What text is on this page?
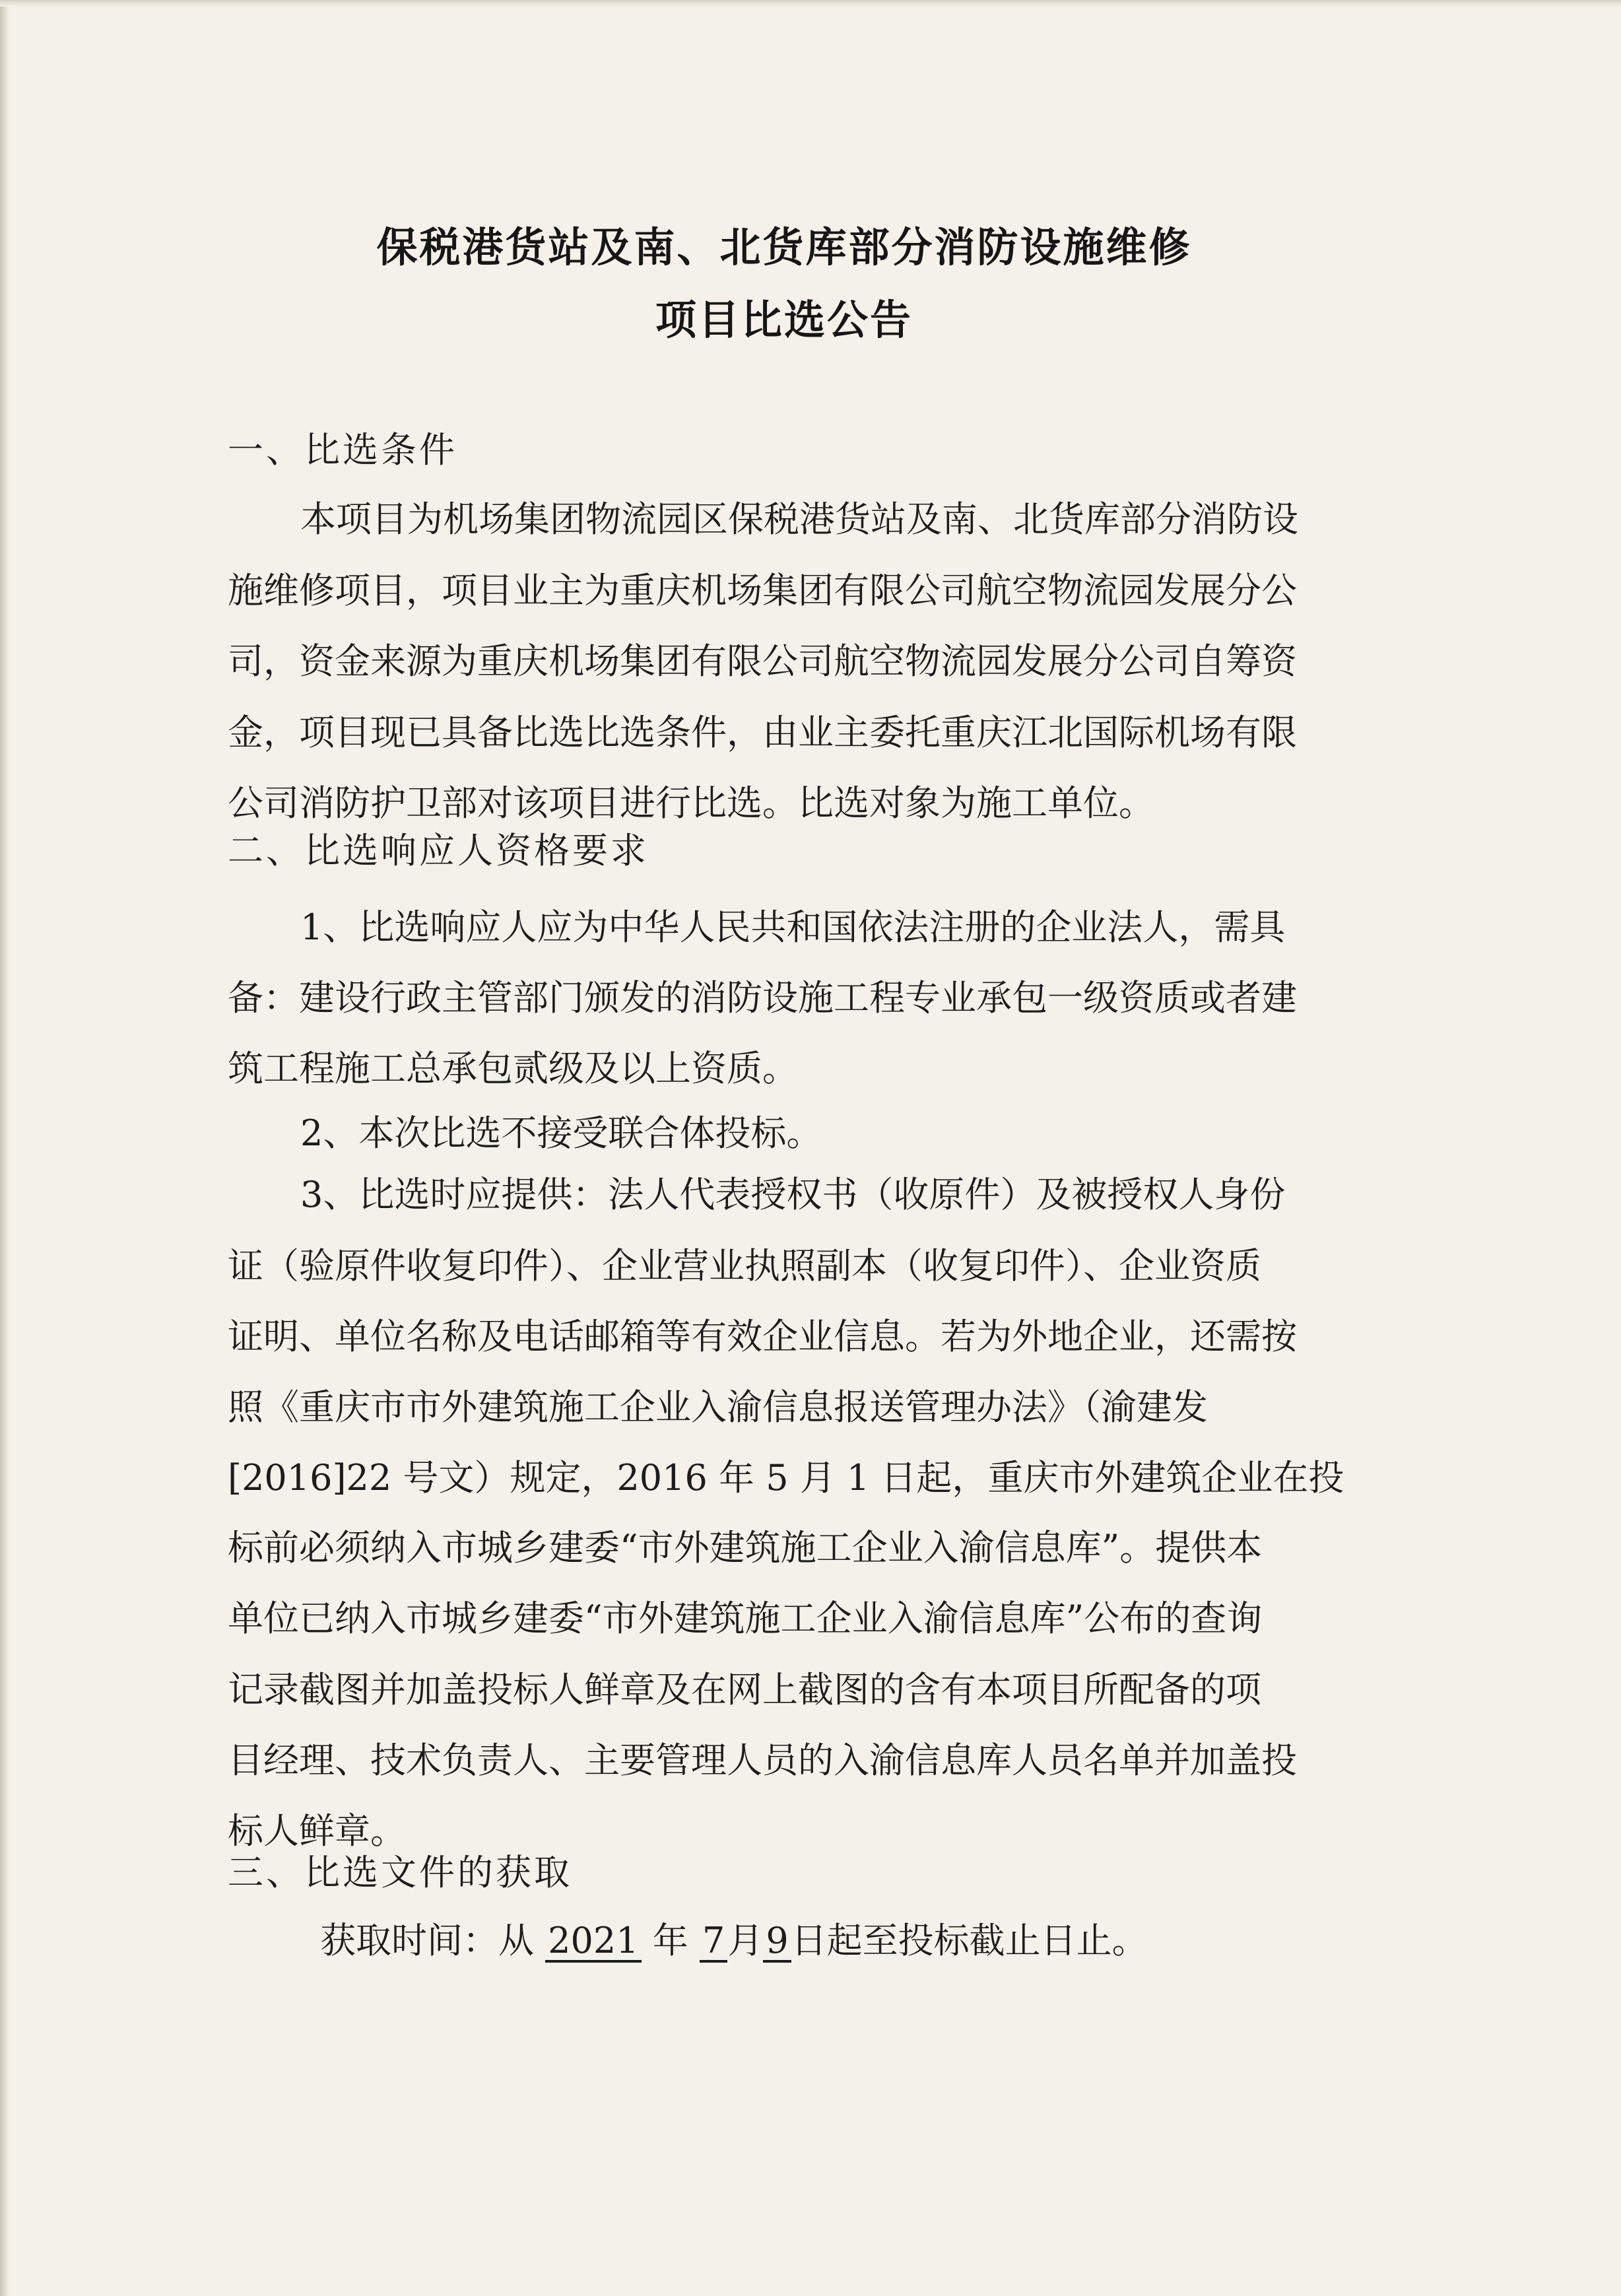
保税港货站及南、北货库部分消防设施维修
项目比选公告
一、比选条件
本项目为机场集团物流园区保税港货站及南、北货库部分消防设
施维修项目，项目业主为重庆机场集团有限公司航空物流园发展分公
司，资金来源为重庆机场集团有限公司航空物流园发展分公司自筹资
金，项目现已具备比选比选条件，由业主委托重庆江北国际机场有限
公司消防护卫部对该项目进行比选。比选对象为施工单位。
二、比选响应人资格要求
1、比选响应人应为中华人民共和国依法注册的企业法人，需具
备：建设行政主管部门颁发的消防设施工程专业承包一级资质或者建
筑工程施工总承包贰级及以上资质。
2、本次比选不接受联合体投标。
3、比选时应提供：法人代表授权书（收原件）及被授权人身份
证（验原件收复印件）、企业营业执照副本（收复印件）、企业资质
证明、单位名称及电话邮箱等有效企业信息。若为外地企业，还需按
照《重庆市市外建筑施工企业入渝信息报送管理办法》（渝建发
[2016]22 号文）规定，2016 年 5 月 1 日起，重庆市外建筑企业在投
标前必须纳入市城乡建委“市外建筑施工企业入渝信息库”。提供本
单位已纳入市城乡建委“市外建筑施工企业入渝信息库”公布的查询
记录截图并加盖投标人鲜章及在网上截图的含有本项目所配备的项
目经理、技术负责人、主要管理人员的入渝信息库人员名单并加盖投
标人鲜章。
三、比选文件的获取
获取时间：从 2021 年 7月9日起至投标截止日止。
